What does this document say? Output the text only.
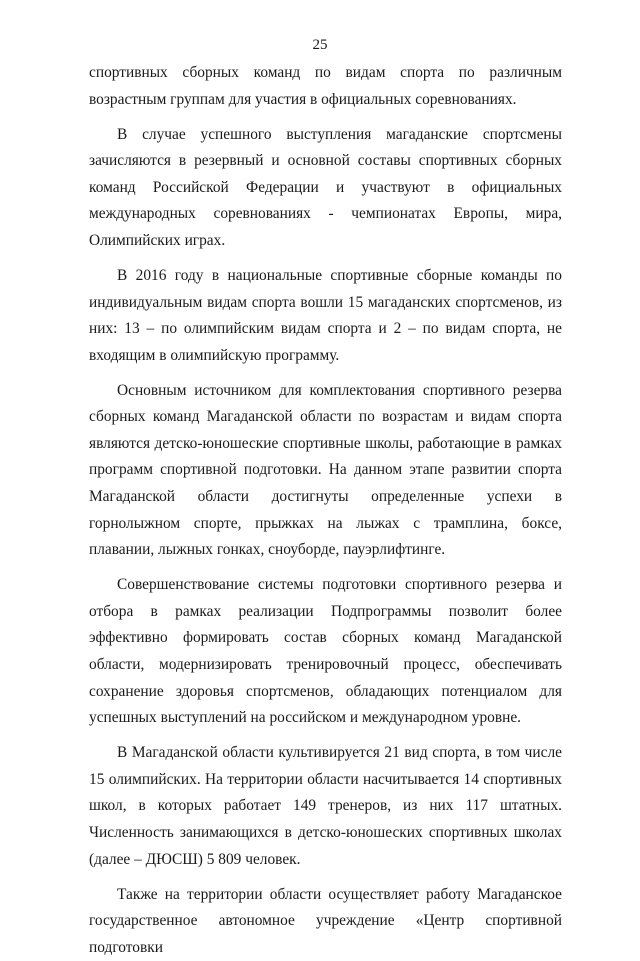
25

спортивных сборных команд по видам спорта по различным возрастным группам для участия в официальных соревнованиях.

В случае успешного выступления магаданские спортсмены зачисляются в резервный и основной составы спортивных сборных команд Российской Федерации и участвуют в официальных международных соревнованиях - чемпионатах Европы, мира, Олимпийских играх.

В 2016 году в национальные спортивные сборные команды по индивидуальным видам спорта вошли 15 магаданских спортсменов, из них: 13 – по олимпийским видам спорта и 2 – по видам спорта, не входящим в олимпийскую программу.

Основным источником для комплектования спортивного резерва сборных команд Магаданской области по возрастам и видам спорта являются детско-юношеские спортивные школы, работающие в рамках программ спортивной подготовки. На данном этапе развитии спорта Магаданской области достигнуты определенные успехи в горнолыжном спорте, прыжках на лыжах с трамплина, боксе, плавании, лыжных гонках, сноуборде, пауэрлифтинге.

Совершенствование системы подготовки спортивного резерва и отбора в рамках реализации Подпрограммы позволит более эффективно формировать состав сборных команд Магаданской области, модернизировать тренировочный процесс, обеспечивать сохранение здоровья спортсменов, обладающих потенциалом для успешных выступлений на российском и международном уровне.

В Магаданской области культивируется 21 вид спорта, в том числе 15 олимпийских. На территории области насчитывается 14 спортивных школ, в которых работает 149 тренеров, из них 117 штатных. Численность занимающихся в детско-юношеских спортивных школах (далее – ДЮСШ) 5 809 человек.

Также на территории области осуществляет работу Магаданское государственное автономное учреждение «Центр спортивной подготовки
